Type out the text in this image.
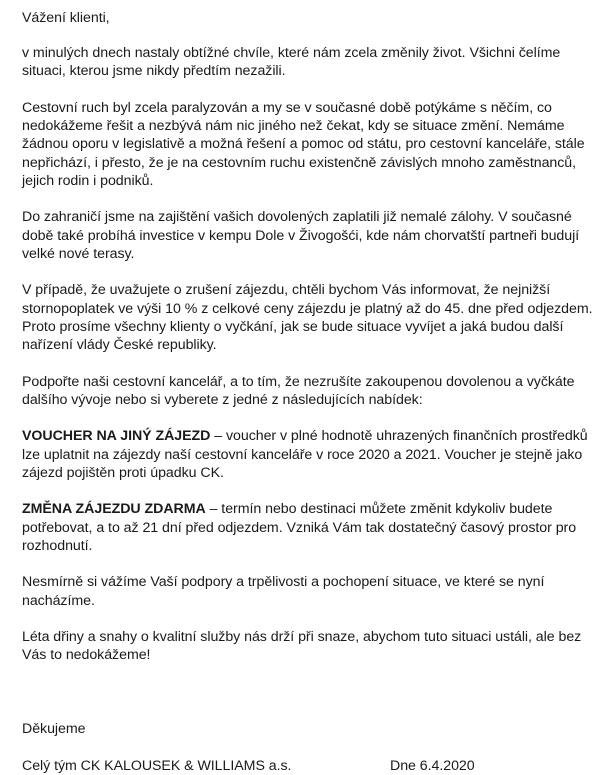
Vážení klienti,

v minulých dnech nastaly obtížné chvíle, které nám zcela změnily život. Všichni čelíme situaci, kterou jsme nikdy předtím nezažili.

Cestovní ruch byl zcela paralyzován a my se v současné době potýkáme s něčím, co nedokážeme řešit a nezbývá nám nic jiného než čekat, kdy se situace změní. Nemáme žádnou oporu v legislativě a možná řešení a pomoc od státu, pro cestovní kanceláře, stále nepřichází, i přesto, že je na cestovním ruchu existenčně závislých mnoho zaměstnanců, jejich rodin i podniků.

Do zahraničí jsme na zajištění vašich dovolených zaplatili již nemalé zálohy. V současné době také probíhá investice v kempu Dole v Živogošći, kde nám chorvatští partneři budují velké nové terasy.

V případě, že uvažujete o zrušení zájezdu, chtěli bychom Vás informovat, že nejnižší stornopoplatek ve výši 10 % z celkové ceny zájezdu je platný až do 45. dne před odjezdem. Proto prosíme všechny klienty o vyčkání, jak se bude situace vyvíjet a jaká budou další nařízení vlády České republiky.

Podpořte naši cestovní kancelář, a to tím, že nezrušíte zakoupenou dovolenou a vyčkáte dalšího vývoje nebo si vyberete z jedné z následujících nabídek:

VOUCHER NA JINÝ ZÁJEZD – voucher v plné hodnotě uhrazených finančních prostředků lze uplatnit na zájezdy naší cestovní kanceláře v roce 2020 a 2021. Voucher je stejně jako zájezd pojištěn proti úpadku CK.

ZMĚNA ZÁJEZDU ZDARMA – termín nebo destinaci můžete změnit kdykoliv budete potřebovat, a to až 21 dní před odjezdem. Vzniká Vám tak dostatečný časový prostor pro rozhodnutí.

Nesmírně si vážíme Vaší podpory a trpělivosti a pochopení situace, ve které se nyní nacházíme.

Léta dřiny a snahy o kvalitní služby nás drží při snaze, abychom tuto situaci ustáli, ale bez Vás to nedokážeme!

Děkujeme

Celý tým CK KALOUSEK & WILLIAMS a.s.	Dne 6.4.2020
